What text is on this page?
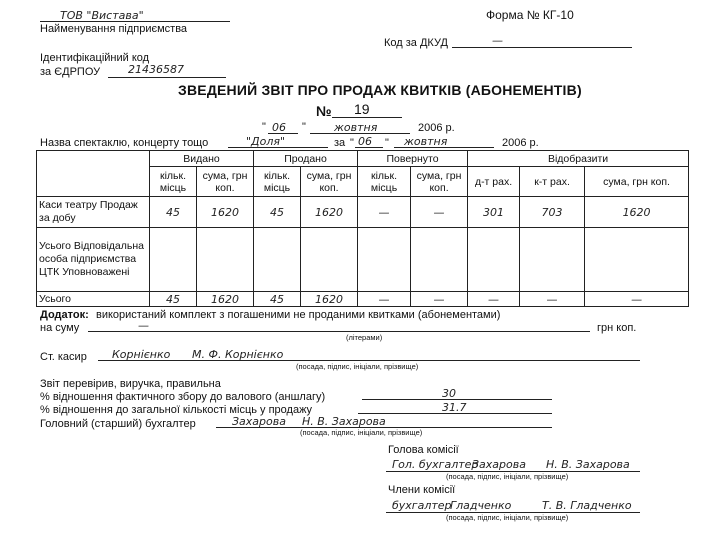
ТОВ "Вистава"
Найменування підприємства
Форма № КГ-10
Код за ДКУД	—
Ідентифікаційний код
за ЄДРПОУ	21436587
ЗВЕДЕНИЙ ЗВІТ ПРО ПРОДАЖ КВИТКІВ (АБОНЕМЕНТІВ)
№ 19
" 06 "	жовтня	2006 р.
Назва спектаклю, концерту тощо	"Доля"	за " 06 " жовтня	2006 р.
	Видано		Продано		Повернуто		Відобразити		
	кільк. місць	сума, грн коп.	кільк. місць	сума, грн коп.	кільк. місць	сума, грн коп.	д-т рах.	к-т рах.	сума, грн коп.
Каси театру Продаж за добу	45	1620	45	1620	—	—	301	703	1620
Усього Відповідальна особа підприємства ЦТК Уповноважені									
Усього	45	1620	45	1620	—	—	—	—	—
Додаток: використаний комплект з погашеними не проданими квитками (абонементами)
на суму	—	грн коп.
(літерами)
Ст. касир Корнієнко М. Ф. Корнієнко
(посада, підпис, ініціали, прізвище)
Звіт перевірив, виручка, правильна
% відношення фактичного збору до валового (аншлагу)	30
% відношення до загальної кількості місць у продажу	31.7
Головний (старший) бухгалтер	Захарова Н. В. Захарова
(посада, підпис, ініціали, прізвище)
Голова комісії
Гол. бухгалтер
Захарова Н. В. Захарова
(посада, підпис, ініціали, прізвище)
Члени комісії
бухгалтер
Гладченко	Т. В. Гладченко
(посада, підпис, ініціали, прізвище)
